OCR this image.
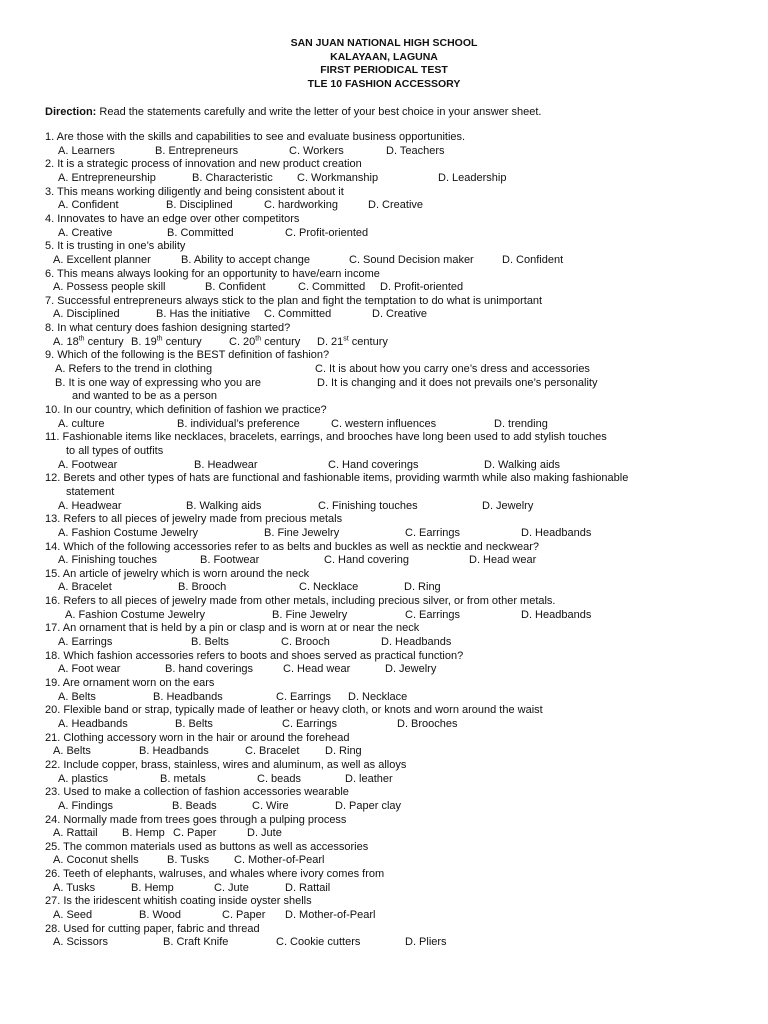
SAN JUAN NATIONAL HIGH SCHOOL
KALAYAAN, LAGUNA
FIRST PERIODICAL TEST
TLE 10 FASHION ACCESSORY
Direction: Read the statements carefully and write the letter of your best choice in your answer sheet.
1. Are those with the skills and capabilities to see and evaluate business opportunities.
A. Learners	B. Entrepreneurs	C. Workers	D. Teachers
2. It is a strategic process of innovation and new product creation
A. Entrepreneurship	B. Characteristic C. Workmanship	D. Leadership
3. This means working diligently and being consistent about it
A. Confident	B. Disciplined	C. hardworking	D. Creative
4. Innovates to have an edge over other competitors
A. Creative	B. Committed	C. Profit-oriented
5. It is trusting in one’s ability
A. Excellent planner	B. Ability to accept change	C. Sound Decision maker	D. Confident
6. This means always looking for an opportunity to have/earn income
A. Possess people skill	B. Confident	C. Committed D. Profit-oriented
7. Successful entrepreneurs always stick to the plan and fight the temptation to do what is unimportant
A. Disciplined	B. Has the initiative C. Committed	D. Creative
8. In what century does fashion designing started?
A. 18th century B. 19th century C. 20th century D. 21st century
9. Which of the following is the BEST definition of fashion?
A. Refers to the trend in clothing	C. It is about how you carry one’s dress and accessories
B. It is one way of expressing who you are	D. It is changing and it does not prevails one’s personality
and wanted to be as a person
10. In our country, which definition of fashion we practice?
A. culture	B. individual’s preference	C. western influences	D. trending
11. Fashionable items like necklaces, bracelets, earrings, and brooches have long been used to add stylish touches
to all types of outfits
A. Footwear	B. Headwear	C. Hand coverings	D. Walking aids
12. Berets and other types of hats are functional and fashionable items, providing warmth while also making fashionable
statement
A. Headwear	B. Walking aids	C. Finishing touches	D. Jewelry
13. Refers to all pieces of jewelry made from precious metals
A. Fashion Costume Jewelry	B. Fine Jewelry	C. Earrings	D. Headbands
14. Which of the following accessories refer to as belts and buckles as well as necktie and neckwear?
A. Finishing touches	B. Footwear	C. Hand covering	D. Head wear
15. An article of jewelry which is worn around the neck
A. Bracelet	B. Brooch	C. Necklace	D. Ring
16. Refers to all pieces of jewelry made from other metals, including precious silver, or from other metals.
A. Fashion Costume Jewelry	B. Fine Jewelry	C. Earrings	D. Headbands
17. An ornament that is held by a pin or clasp and is worn at or near the neck
A. Earrings	B. Belts	C. Brooch	D. Headbands
18. Which fashion accessories refers to boots and shoes served as practical function?
A. Foot wear	B. hand coverings	C. Head wear	D. Jewelry
19. Are ornament worn on the ears
A. Belts	B. Headbands	C. Earrings D. Necklace
20. Flexible band or strap, typically made of leather or heavy cloth, or knots and worn around the waist
A. Headbands	B. Belts	C. Earrings	D. Brooches
21. Clothing accessory worn in the hair or around the forehead
A. Belts	B. Headbands	C. Bracelet D. Ring
22. Include copper, brass, stainless, wires and aluminum, as well as alloys
A. plastics	B. metals	C. beads	D. leather
23. Used to make a collection of fashion accessories wearable
A. Findings	B. Beads	C. Wire	D. Paper clay
24. Normally made from trees goes through a pulping process
A. Rattail B. Hemp C. Paper	D. Jute
25. The common materials used as buttons as well as accessories
A. Coconut shells	B. Tusks C. Mother-of-Pearl
26. Teeth of elephants, walruses, and whales where ivory comes from
A. Tusks	B. Hemp	C. Jute	D. Rattail
27. Is the iridescent whitish coating inside oyster shells
A. Seed	B. Wood	C. Paper D. Mother-of-Pearl
28. Used for cutting paper, fabric and thread
A. Scissors	B. Craft Knife	C. Cookie cutters	D. Pliers
